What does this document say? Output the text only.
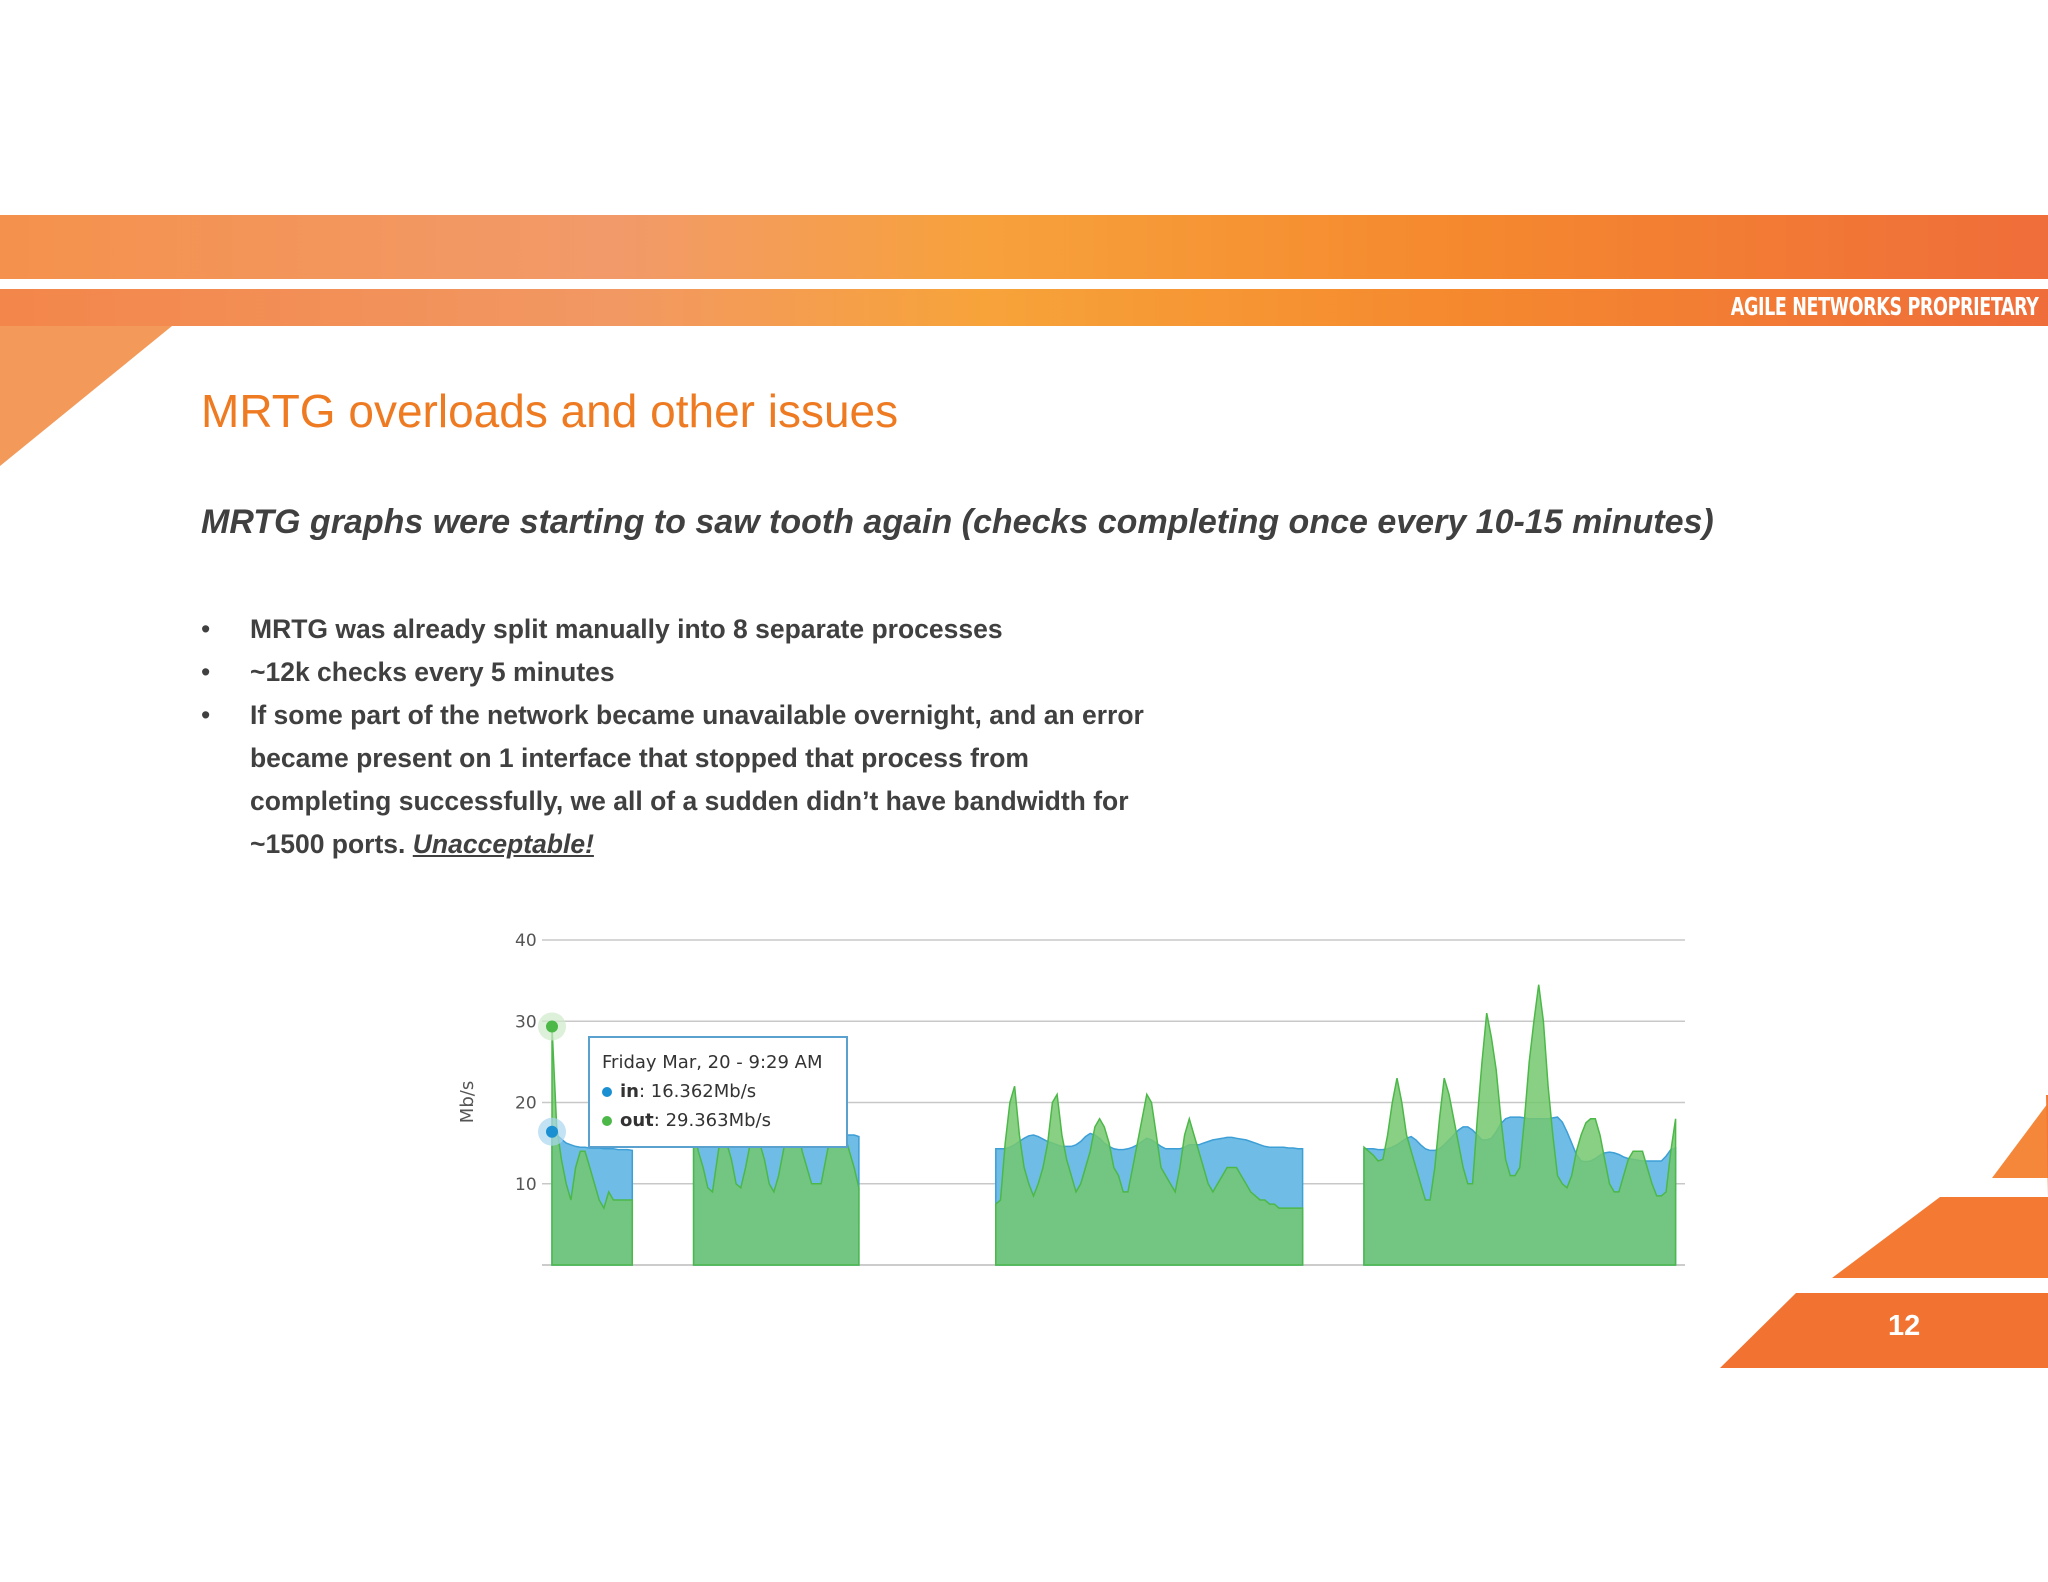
AGILE NETWORKS PROPRIETARY
MRTG overloads and other issues

MRTG graphs were starting to saw tooth again (checks completing once every 10-15 minutes)

• MRTG was already split manually into 8 separate processes
• ~12k checks every 5 minutes
• If some part of the network became unavailable overnight, and an error became present on 1 interface that stopped that process from completing successfully, we all of a sudden didn’t have bandwidth for ~1500 ports. Unacceptable!
10
20
30
40
Mb/s
Friday Mar, 20 - 9:29 AM
in: 16.362Mb/s
out: 29.363Mb/s
12
